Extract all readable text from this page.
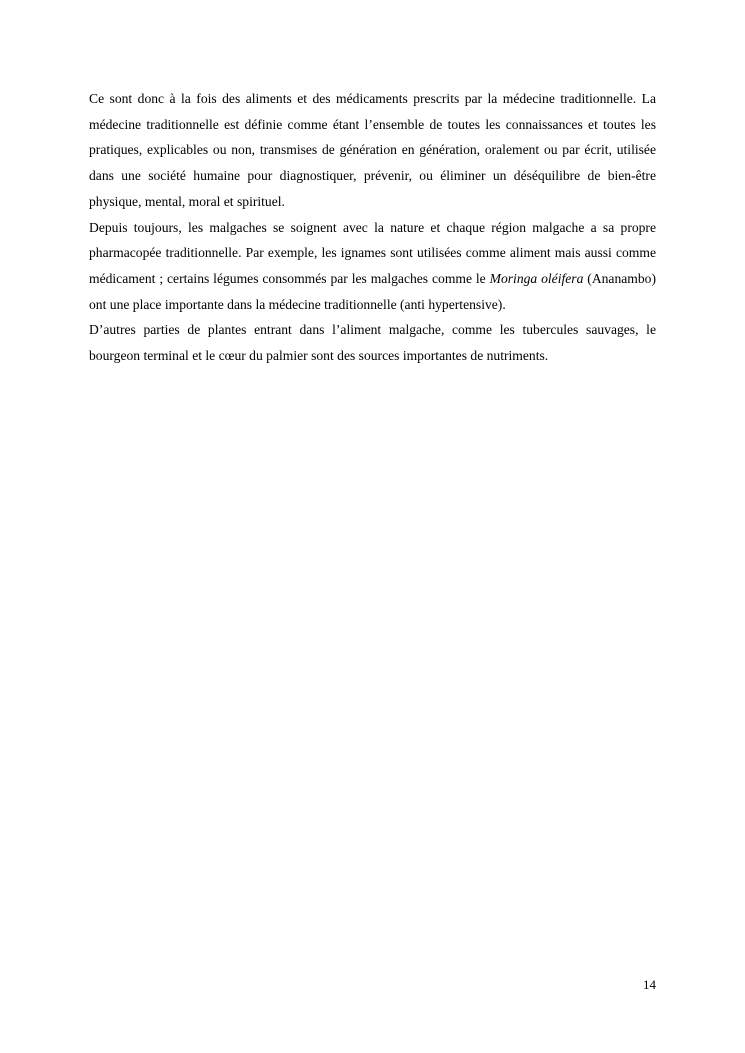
Ce sont donc à la fois des aliments et des médicaments prescrits par la médecine traditionnelle. La médecine traditionnelle est définie comme étant l’ensemble de toutes les connaissances et toutes les pratiques, explicables ou non, transmises de génération en génération, oralement ou par écrit, utilisée dans une société humaine pour diagnostiquer, prévenir, ou éliminer un déséquilibre de bien-être physique, mental, moral et spirituel.

Depuis toujours, les malgaches se soignent avec la nature et chaque région malgache a sa propre pharmacopée traditionnelle. Par exemple, les ignames sont utilisées comme aliment mais aussi comme médicament ; certains légumes consommés par les malgaches comme le Moringa oléifera (Ananambo) ont une place importante dans la médecine traditionnelle (anti hypertensive).

D’autres parties de plantes entrant dans l’aliment malgache, comme les tubercules sauvages, le bourgeon terminal et le cœur du palmier sont des sources importantes de nutriments.

14
